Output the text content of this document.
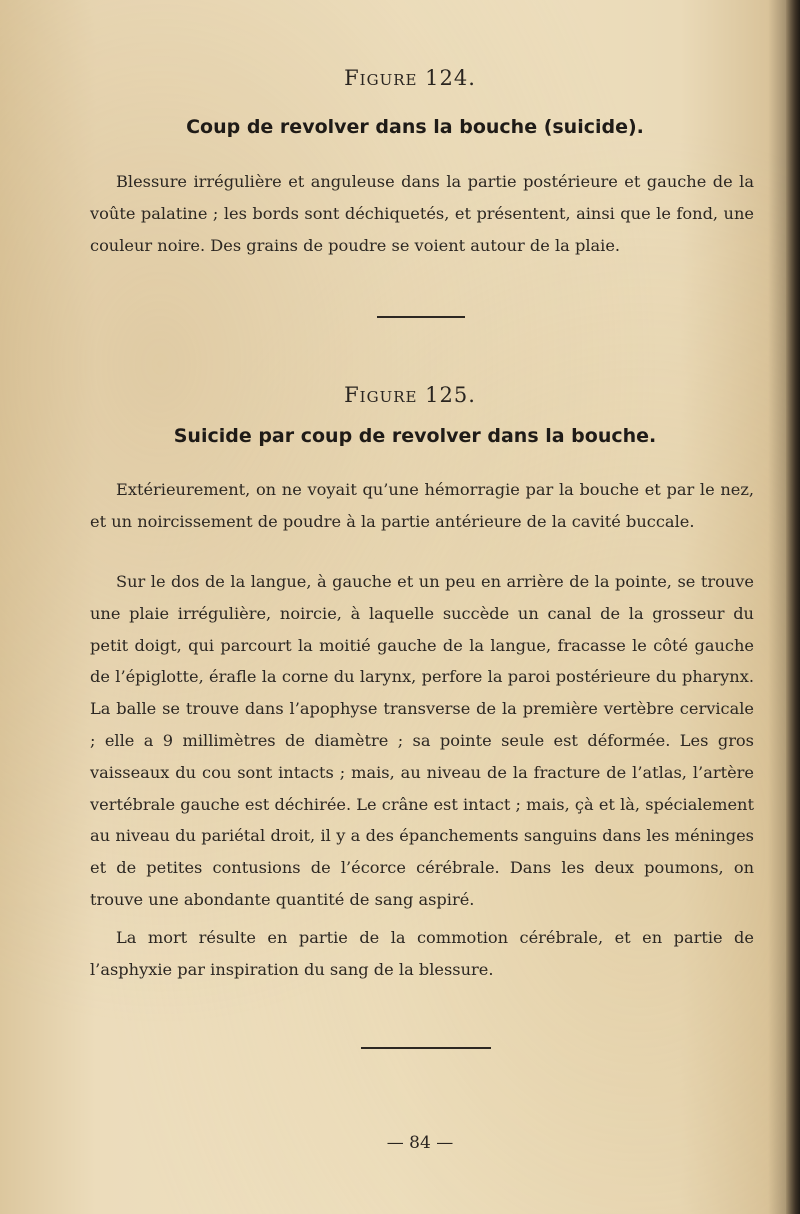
Figure 124.
Coup de revolver dans la bouche (suicide).

Blessure irrégulière et anguleuse dans la partie postérieure et gauche de la voûte palatine ; les bords sont déchiquetés, et présentent, ainsi que le fond, une couleur noire. Des grains de poudre se voient autour de la plaie.

Figure 125.
Suicide par coup de revolver dans la bouche.

Extérieurement, on ne voyait qu’une hémorragie par la bouche et par le nez, et un noircissement de poudre à la partie antérieure de la cavité buccale.

Sur le dos de la langue, à gauche et un peu en arrière de la pointe, se trouve une plaie irrégulière, noircie, à laquelle succède un canal de la grosseur du petit doigt, qui parcourt la moitié gauche de la langue, fracasse le côté gauche de l’épiglotte, érafle la corne du larynx, perfore la paroi postérieure du pharynx. La balle se trouve dans l’apophyse transverse de la première vertèbre cervicale ; elle a 9 millimètres de diamètre ; sa pointe seule est déformée. Les gros vaisseaux du cou sont intacts ; mais, au niveau de la fracture de l’atlas, l’artère vertébrale gauche est déchirée. Le crâne est intact ; mais, çà et là, spécialement au niveau du pariétal droit, il y a des épanchements sanguins dans les méninges et de petites contusions de l’écorce cérébrale. Dans les deux poumons, on trouve une abondante quantité de sang aspiré.

La mort résulte en partie de la commotion cérébrale, et en partie de l’asphyxie par inspiration du sang de la blessure.

— 84 —
